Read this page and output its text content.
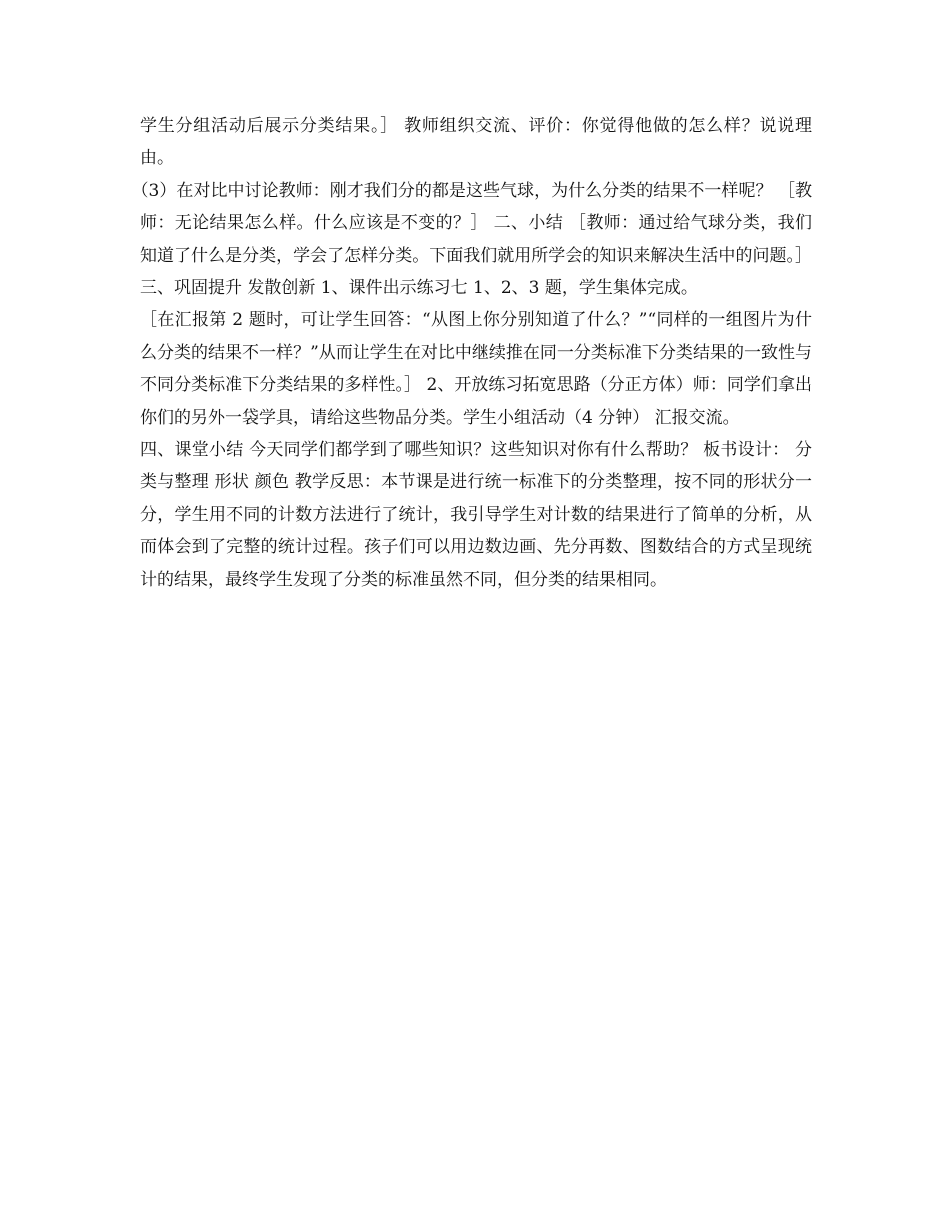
学生分组活动后展示分类结果。］ 教师组织交流、评价：你觉得他做的怎么样？说说理由。

（3）在对比中讨论教师：刚才我们分的都是这些气球，为什么分类的结果不一样呢？ ［教师：无论结果怎么样。什么应该是不变的？］ 二、小结 ［教师：通过给气球分类，我们知道了什么是分类，学会了怎样分类。下面我们就用所学会的知识来解决生活中的问题。］ 三、巩固提升 发散创新 1、课件出示练习七 1、2、3 题，学生集体完成。

［在汇报第 2 题时，可让学生回答：“从图上你分别知道了什么？”“同样的一组图片为什么分类的结果不一样？”从而让学生在对比中继续推在同一分类标准下分类结果的一致性与不同分类标准下分类结果的多样性。］ 2、开放练习拓宽思路（分正方体）师：同学们拿出你们的另外一袋学具，请给这些物品分类。学生小组活动（4 分钟） 汇报交流。

四、课堂小结 今天同学们都学到了哪些知识？这些知识对你有什么帮助？ 板书设计： 分类与整理 形状 颜色 教学反思：本节课是进行统一标准下的分类整理，按不同的形状分一分，学生用不同的计数方法进行了统计，我引导学生对计数的结果进行了简单的分析，从而体会到了完整的统计过程。孩子们可以用边数边画、先分再数、图数结合的方式呈现统计的结果，最终学生发现了分类的标准虽然不同，但分类的结果相同。
